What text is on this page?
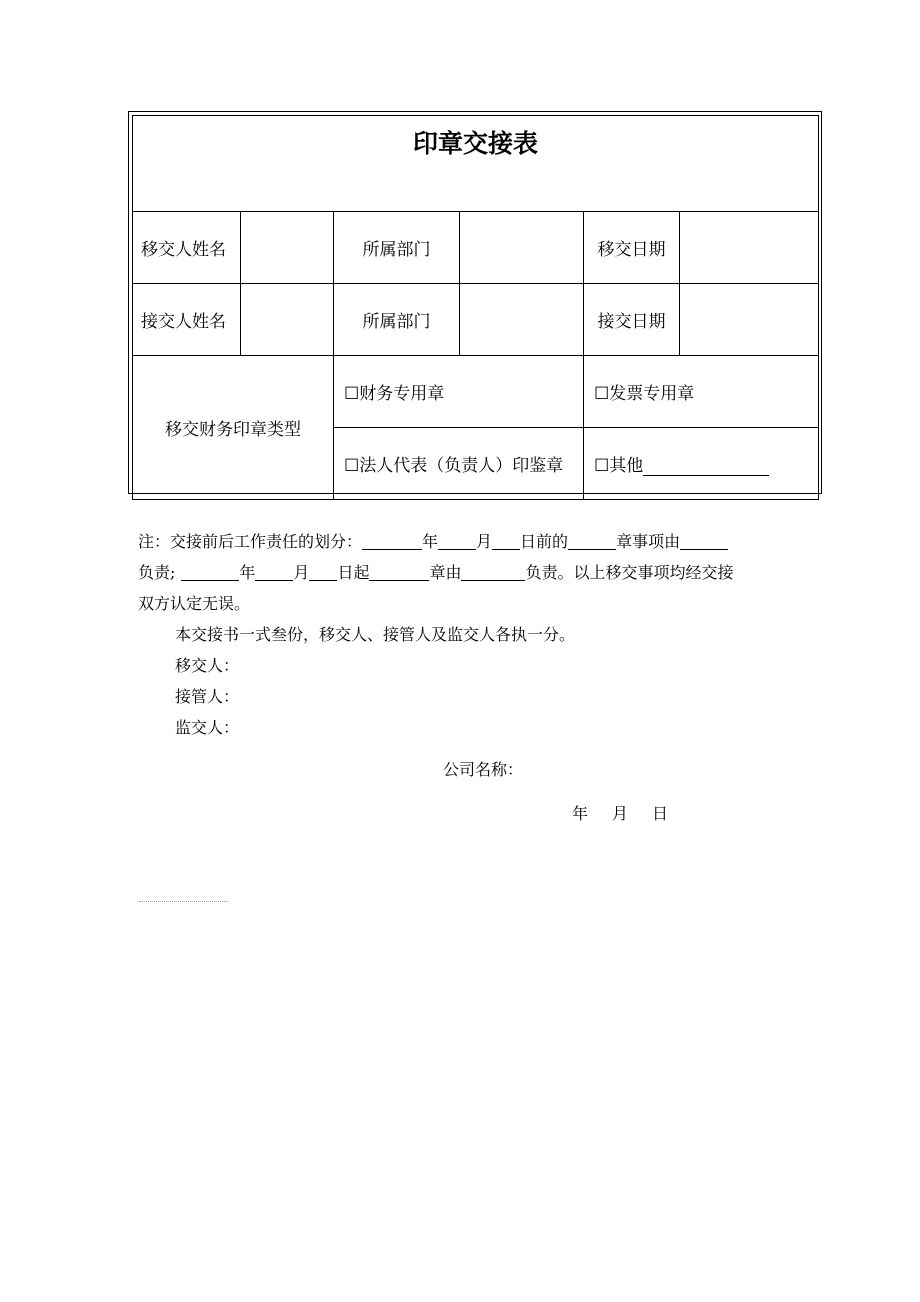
印章交接表					
移交人姓名		所属部门		移交日期	
接交人姓名		所属部门		接交日期	
移交财务印章类型		☐财务专用章		☐发票专用章	
		☐法人代表（负责人）印鉴章		☐其他	

注：交接前后工作责任的划分：	年 月 日前的	章事项由

负责;	年 月 日起	章由	负责。以上移交事项均经交接

双方认定无误。

本交接书一式叁份，移交人、接管人及监交人各执一分。

移交人：

接管人：

监交人：

公司名称：
年 月 日
